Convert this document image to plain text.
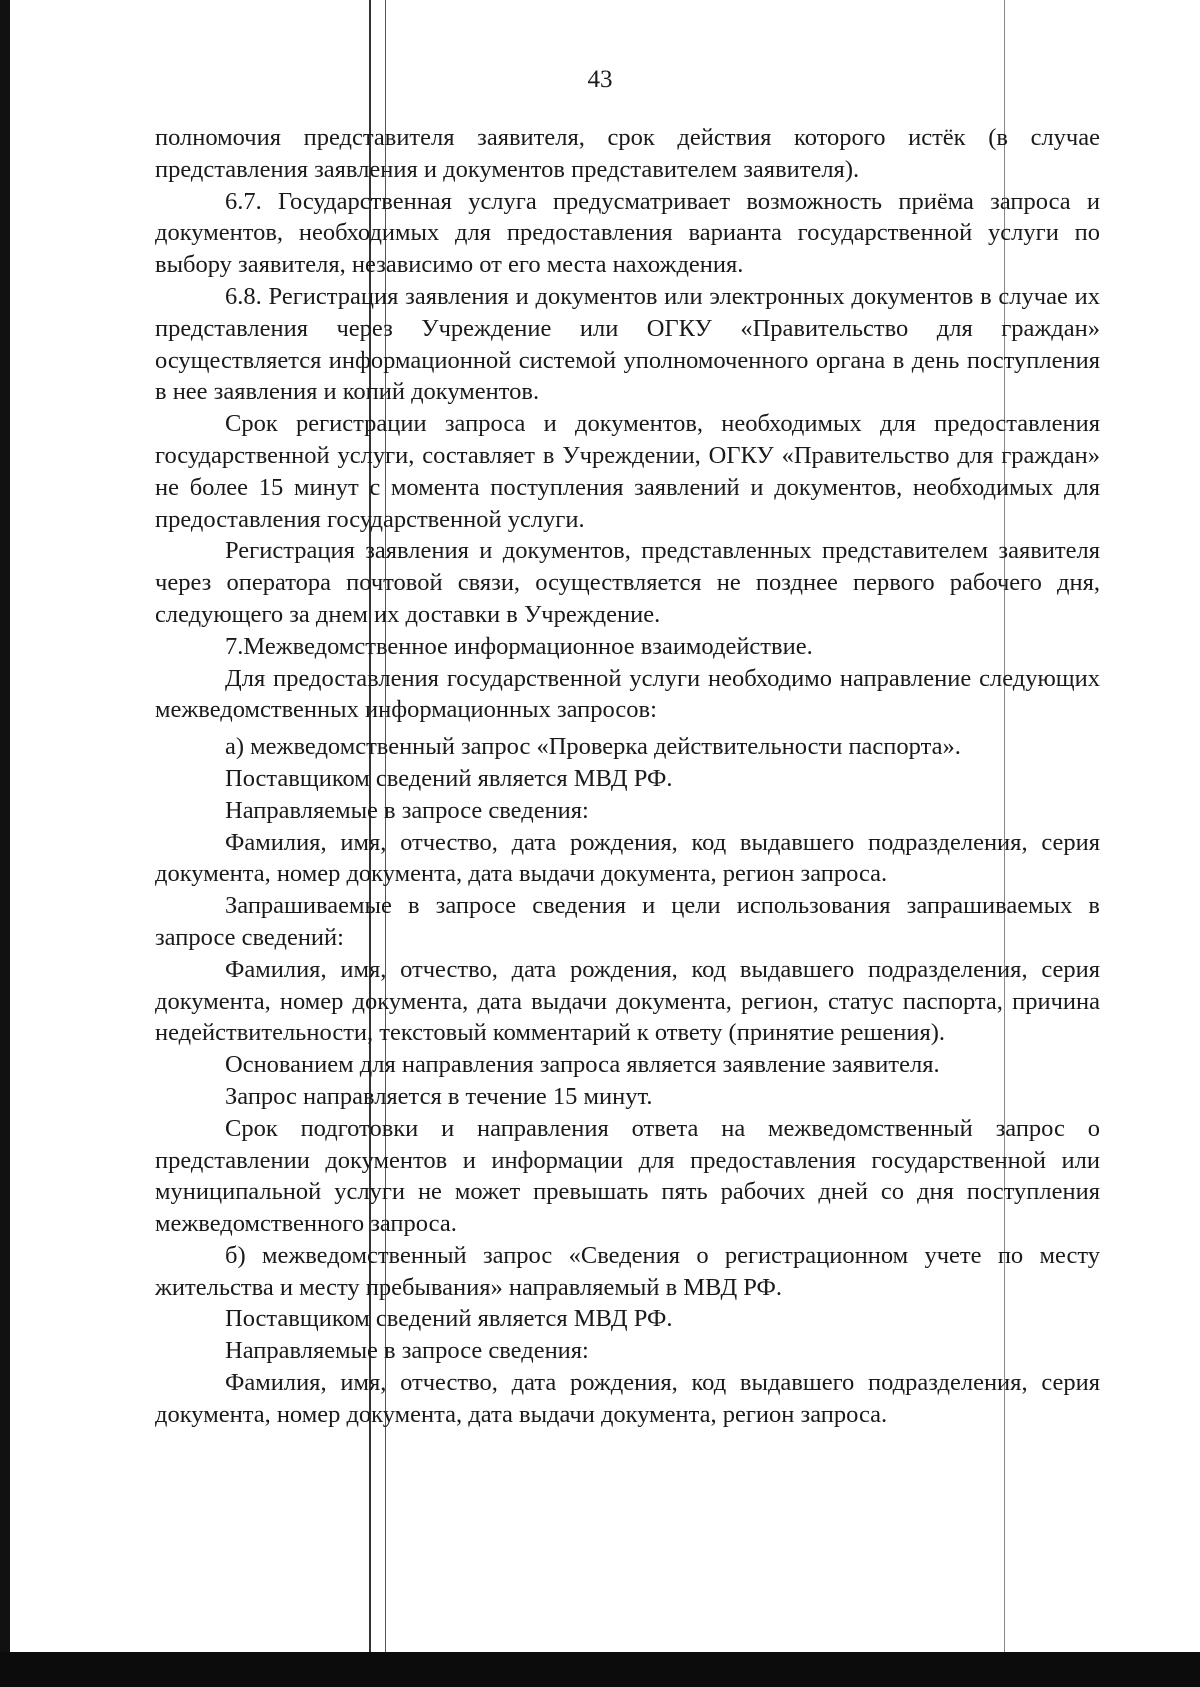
43

полномочия представителя заявителя, срок действия которого истёк (в случае представления заявления и документов представителем заявителя).

6.7. Государственная услуга предусматривает возможность приёма запроса и документов, необходимых для предоставления варианта государственной услуги по выбору заявителя, независимо от его места нахождения.

6.8. Регистрация заявления и документов или электронных документов в случае их представления через Учреждение или ОГКУ «Правительство для граждан» осуществляется информационной системой уполномоченного органа в день поступления в нее заявления и копий документов.

Срок регистрации запроса и документов, необходимых для предоставления государственной услуги, составляет в Учреждении, ОГКУ «Правительство для граждан» не более 15 минут с момента поступления заявлений и документов, необходимых для предоставления государственной услуги.

Регистрация заявления и документов, представленных представителем заявителя через оператора почтовой связи, осуществляется не позднее первого рабочего дня, следующего за днем их доставки в Учреждение.

7.Межведомственное информационное взаимодействие.

Для предоставления государственной услуги необходимо направление следующих межведомственных информационных запросов:

а) межведомственный запрос «Проверка действительности паспорта».

Поставщиком сведений является МВД РФ.

Направляемые в запросе сведения:

Фамилия, имя, отчество, дата рождения, код выдавшего подразделения, серия документа, номер документа, дата выдачи документа, регион запроса.

Запрашиваемые в запросе сведения и цели использования запрашиваемых в запросе сведений:

Фамилия, имя, отчество, дата рождения, код выдавшего подразделения, серия документа, номер документа, дата выдачи документа, регион, статус паспорта, причина недействительности, текстовый комментарий к ответу (принятие решения).

Основанием для направления запроса является заявление заявителя.

Запрос направляется в течение 15 минут.

Срок подготовки и направления ответа на межведомственный запрос о представлении документов и информации для предоставления государственной или муниципальной услуги не может превышать пять рабочих дней со дня поступления межведомственного запроса.

б) межведомственный запрос «Сведения о регистрационном учете по месту жительства и месту пребывания» направляемый в МВД РФ.

Поставщиком сведений является МВД РФ.

Направляемые в запросе сведения:

Фамилия, имя, отчество, дата рождения, код выдавшего подразделения, серия документа, номер документа, дата выдачи документа, регион запроса.
